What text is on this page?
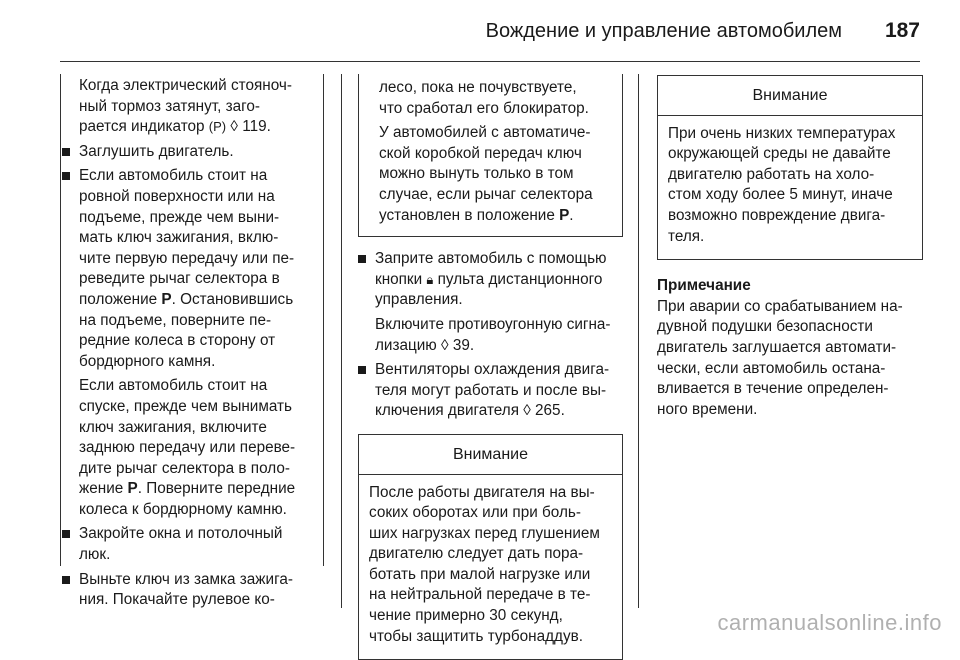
Вождение и управление автомобилем 187

Когда электрический стояноч-

ный тормоз затянут, заго-

рается индикатор (P) ◊ 119.

Заглушить двигатель.

Если автомобиль стоит на

ровной поверхности или на

подъеме, прежде чем выни-

мать ключ зажигания, вклю-

чите первую передачу или пе-

реведите рычаг селектора в

положение P. Остановившись

на подъеме, поверните пе-

редние колеса в сторону от

бордюрного камня.

Если автомобиль стоит на

спуске, прежде чем вынимать

ключ зажигания, включите

заднюю передачу или переве-

дите рычаг селектора в поло-

жение P. Поверните передние

колеса к бордюрному камню.

Закройте окна и потолочный

люк.

Выньте ключ из замка зажига-

ния. Покачайте рулевое ко-

лесо, пока не почувствуете,

что сработал его блокиратор.

У автомобилей с автоматиче-

ской коробкой передач ключ

можно вынуть только в том

случае, если рычаг селектора

установлен в положение P.

Заприте автомобиль с помощью

кнопки 🔒︎ пульта дистанционного

управления.

Включите противоугонную сигна-

лизацию ◊ 39.

Вентиляторы охлаждения двига-

теля могут работать и после вы-

ключения двигателя ◊ 265.

Внимание

После работы двигателя на вы-

соких оборотах или при боль-

ших нагрузках перед глушением

двигателю следует дать пора-

ботать при малой нагрузке или

на нейтральной передаче в те-

чение примерно 30 секунд,

чтобы защитить турбонаддув.

Внимание

При очень низких температурах

окружающей среды не давайте

двигателю работать на холо-

стом ходу более 5 минут, иначе

возможно повреждение двига-

теля.

Примечание

При аварии со срабатыванием на-

дувной подушки безопасности

двигатель заглушается автомати-

чески, если автомобиль остана-

вливается в течение определен-

ного времени.

carmanualsonline.info
